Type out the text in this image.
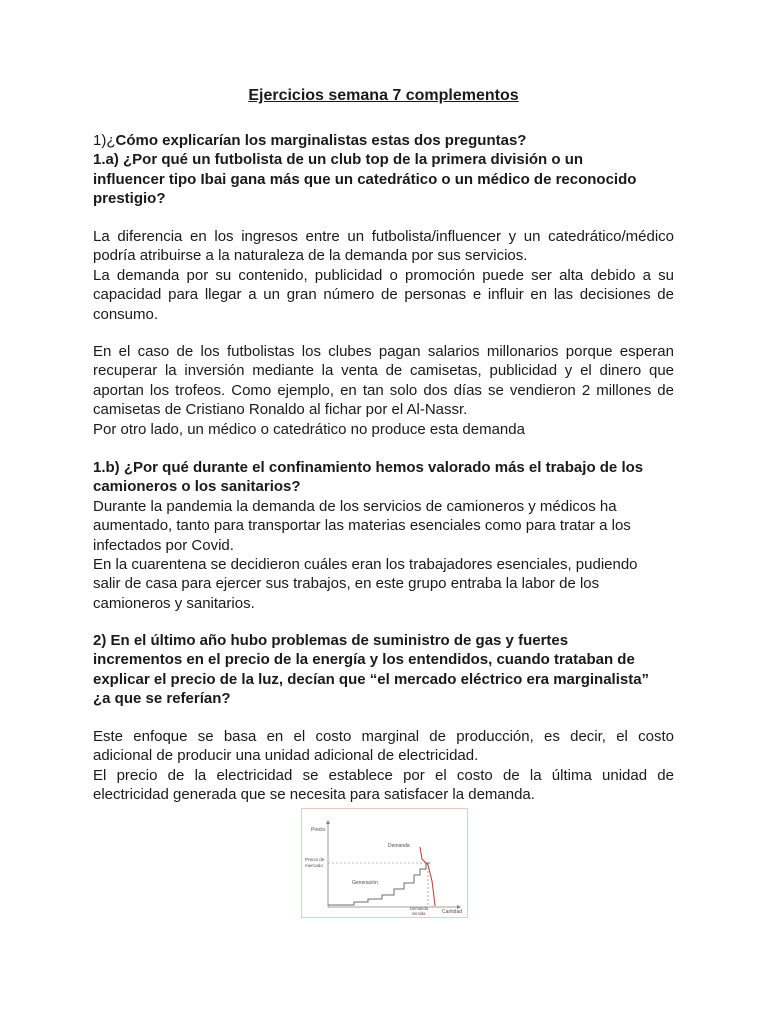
Ejercicios semana 7 complementos

1)¿Cómo explicarían los marginalistas estas dos preguntas?

1.a) ¿Por qué un futbolista de un club top de la primera división o un

influencer tipo Ibai gana más que un catedrático o un médico de reconocido

prestigio?

La diferencia en los ingresos entre un futbolista/influencer y un catedrático/médico

podría atribuirse a la naturaleza de la demanda por sus servicios.

La demanda por su contenido, publicidad o promoción puede ser alta debido a su

capacidad para llegar a un gran número de personas e influir en las decisiones de

consumo.

En el caso de los futbolistas los clubes pagan salarios millonarios porque esperan

recuperar la inversión mediante la venta de camisetas, publicidad y el dinero que

aportan los trofeos. Como ejemplo, en tan solo dos días se vendieron 2 millones de

camisetas de Cristiano Ronaldo al fichar por el Al-Nassr.

Por otro lado, un médico o catedrático no produce esta demanda

1.b) ¿Por qué durante el confinamiento hemos valorado más el trabajo de los

camioneros o los sanitarios?

Durante la pandemia la demanda de los servicios de camioneros y médicos ha

aumentado, tanto para transportar las materias esenciales como para tratar a los

infectados por Covid.

En la cuarentena se decidieron cuáles eran los trabajadores esenciales, pudiendo

salir de casa para ejercer sus trabajos, en este grupo entraba la labor de los

camioneros y sanitarios.

2) En el último año hubo problemas de suministro de gas y fuertes

incrementos en el precio de la energía y los entendidos, cuando trataban de

explicar el precio de la luz, decían que “el mercado eléctrico era marginalista”

¿a que se referían?

Este enfoque se basa en el costo marginal de producción, es decir, el costo

adicional de producir una unidad adicional de electricidad.

El precio de la electricidad se establece por el costo de la última unidad de

electricidad generada que se necesita para satisfacer la demanda.

Precio
Demanda
Precio de
mercado
Generación
Demanda
servida	Cantidad
